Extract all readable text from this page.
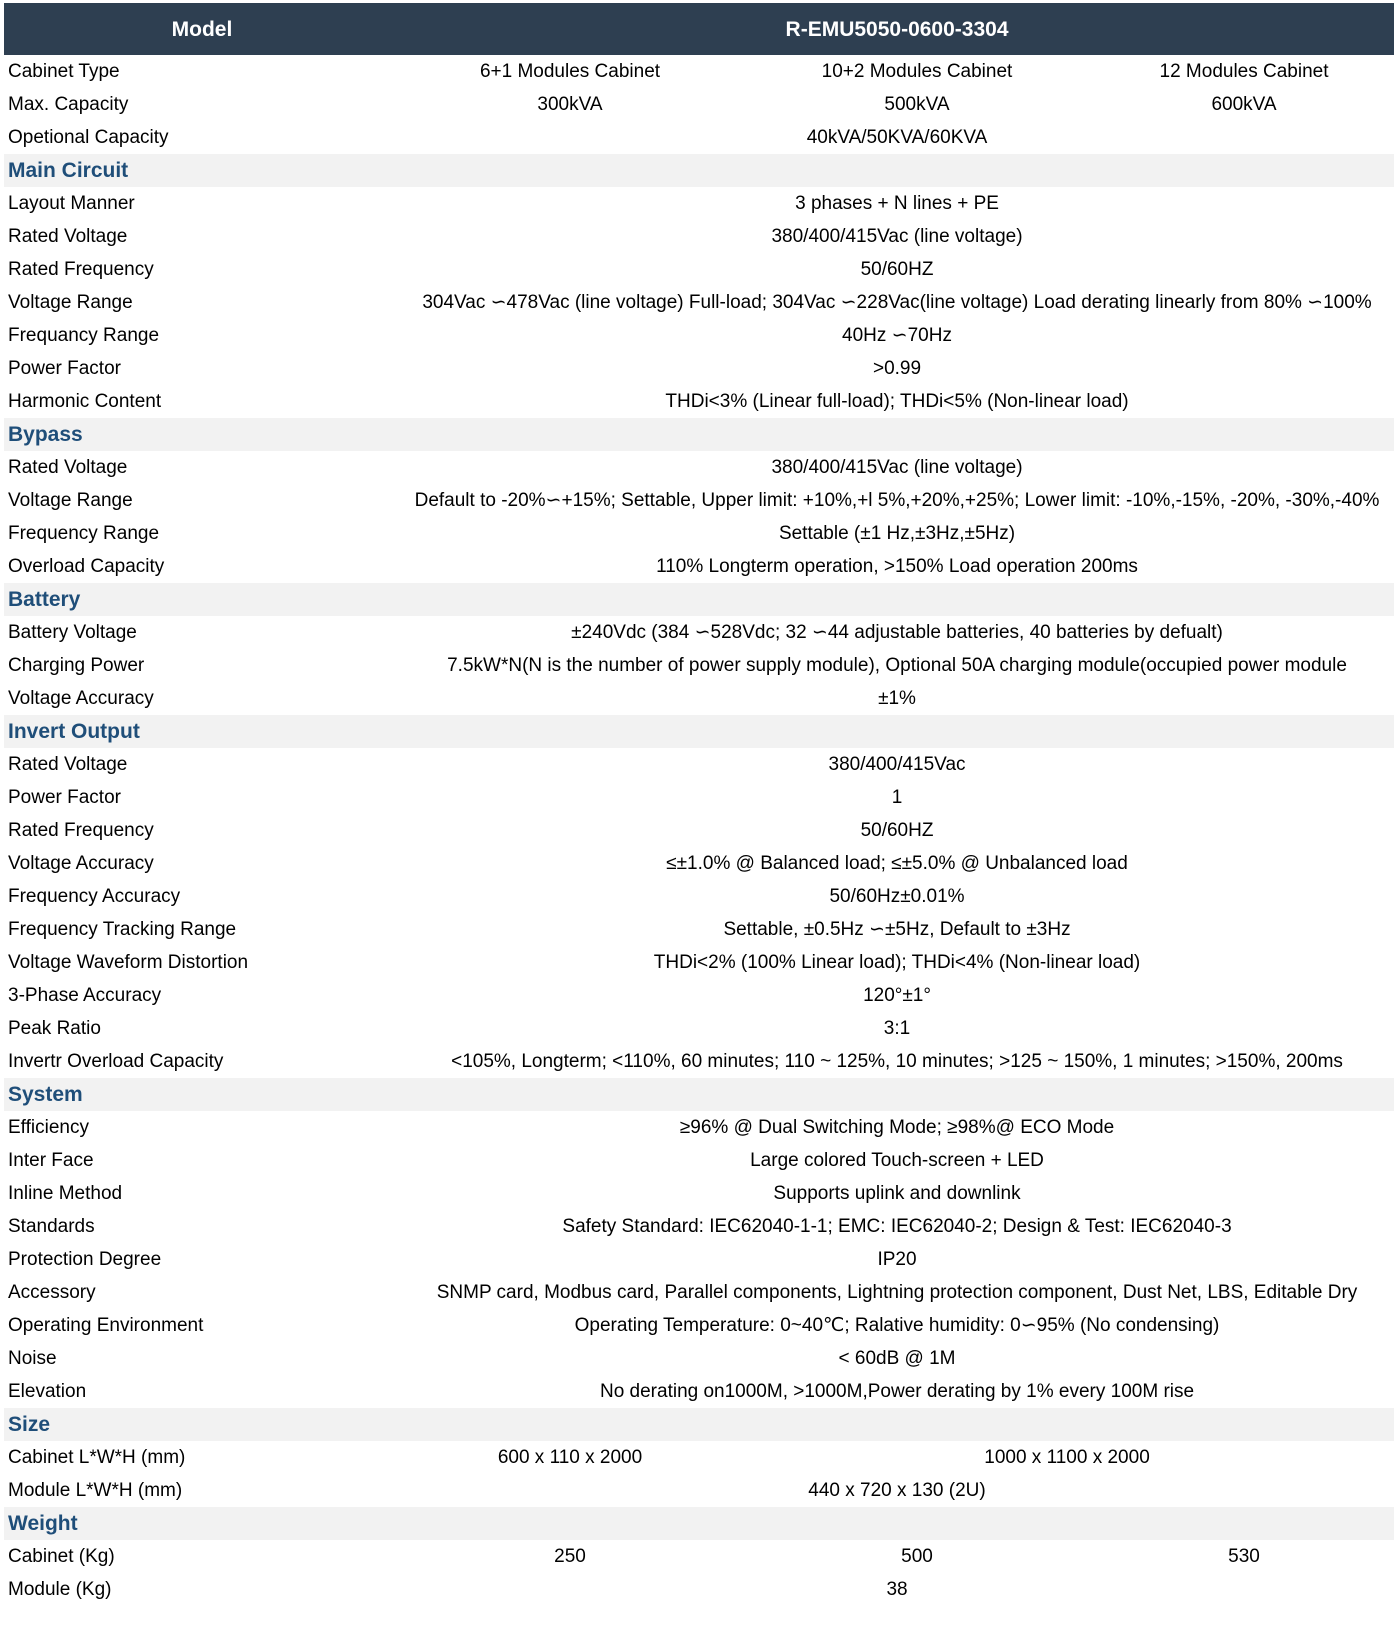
Model	R-EMU5050-0600-3304		
Cabinet Type	6+1 Modules Cabinet	10+2 Modules Cabinet	12 Modules Cabinet
Max. Capacity	300kVA	500kVA	600kVA
Opetional Capacity	40kVA/50KVA/60KVA		
Main Circuit			
Layout Manner	3 phases + N lines + PE		
Rated Voltage	380/400/415Vac (line voltage)		
Rated Frequency	50/60HZ		
Voltage Range	304Vac ∽478Vac (line voltage) Full-load; 304Vac ∽228Vac(line voltage) Load derating linearly from 80% ∽100%		
Frequancy Range	40Hz ∽70Hz		
Power Factor	>0.99		
Harmonic Content	THDi<3% (Linear full-load); THDi<5% (Non-linear load)		
Bypass			
Rated Voltage	380/400/415Vac (line voltage)		
Voltage Range	Default to -20%∽+15%; Settable, Upper limit: +10%,+l 5%,+20%,+25%; Lower limit: -10%,-15%, -20%, -30%,-40%		
Frequency Range	Settable (±1 Hz,±3Hz,±5Hz)		
Overload Capacity	110% Longterm operation, >150% Load operation 200ms		
Battery			
Battery Voltage	±240Vdc (384 ∽528Vdc; 32 ∽44 adjustable batteries, 40 batteries by defualt)		
Charging Power	7.5kW*N(N is the number of power supply module), Optional 50A charging module(occupied power module		
Voltage Accuracy	±1%		
Invert Output			
Rated Voltage	380/400/415Vac		
Power Factor	1		
Rated Frequency	50/60HZ		
Voltage Accuracy	≤±1.0% @ Balanced load; ≤±5.0% @ Unbalanced load		
Frequency Accuracy	50/60Hz±0.01%		
Frequency Tracking Range	Settable, ±0.5Hz ∽±5Hz, Default to ±3Hz		
Voltage Waveform Distortion	THDi<2% (100% Linear load); THDi<4% (Non-linear load)		
3-Phase Accuracy	120°±1°		
Peak Ratio	3:1		
Invertr Overload Capacity	<105%, Longterm; <110%, 60 minutes; 110 ~ 125%, 10 minutes; >125 ~ 150%, 1 minutes; >150%, 200ms		
System			
Efficiency	≥96% @ Dual Switching Mode; ≥98%@ ECO Mode		
Inter Face	Large colored Touch-screen + LED		
Inline Method	Supports uplink and downlink		
Standards	Safety Standard: IEC62040-1-1; EMC: IEC62040-2; Design & Test: IEC62040-3		
Protection Degree	IP20		
Accessory	SNMP card, Modbus card, Parallel components, Lightning protection component, Dust Net, LBS, Editable Dry		
Operating Environment	Operating Temperature: 0~40℃; Ralative humidity: 0∽95% (No condensing)		
Noise	< 60dB @ 1M		
Elevation	No derating on1000M, >1000M,Power derating by 1% every 100M rise		
Size			
Cabinet L*W*H (mm)	600 x 110 x 2000	1000 x 1100 x 2000	
Module L*W*H (mm)	440 x 720 x 130 (2U)		
Weight			
Cabinet (Kg)	250	500	530
Module (Kg)	38		
